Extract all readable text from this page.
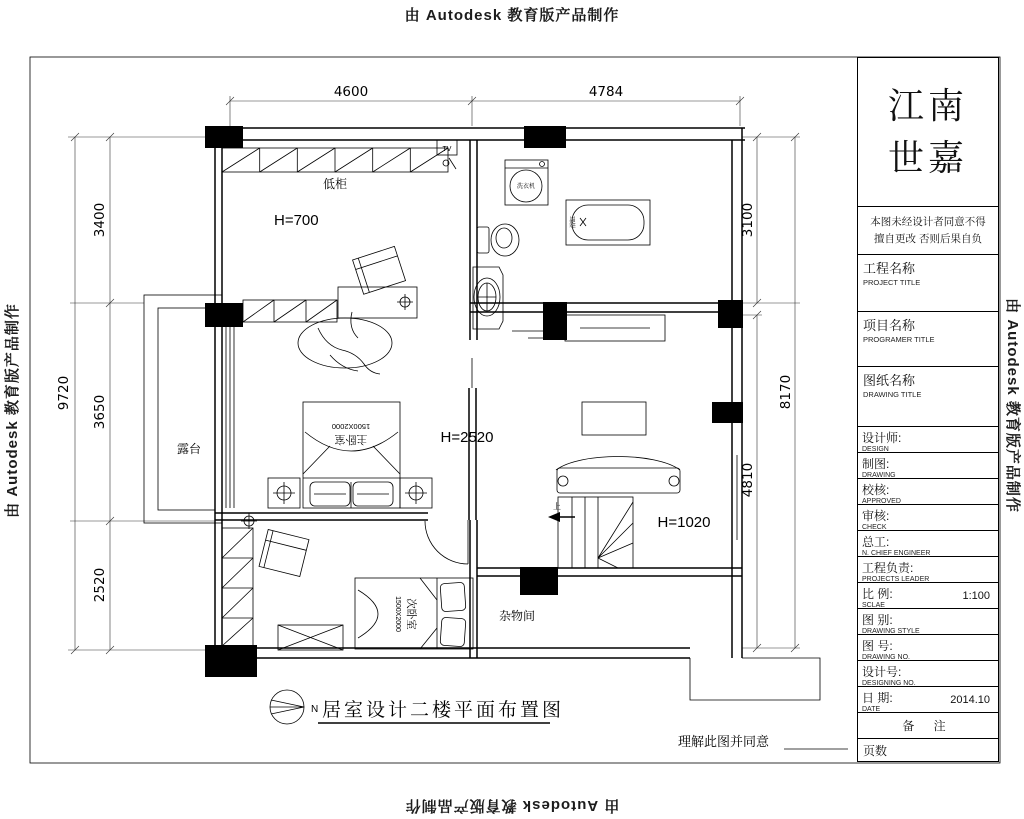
由 Autodesk 教育版产品制作
由 Autodesk 教育版产品制作
由 Autodesk 教育版产品制作	由 Autodesk 教育版产品制作
4600	4784
9720
3400
3650
2520
3100
4810
8170
露台
低柜
H=700
TV
洗衣机
浴缸
主卧室
1500X2000
H=2520
次卧室
1500X2000
上
H=1020
杂物间
N 居室设计二楼平面布置图
理解此图并同意
江南
世嘉
本图未经设计者同意不得
擅自更改 否则后果自负
工程名称
PROJECT TITLE
项目名称
PROGRAMER TITLE
图纸名称
DRAWING TITLE
设计师:
DESIGN
制图:
DRAWING
校核:
APPROVED
审核:
CHECK
总工:
N. CHIEF ENGINEER
工程负责:
PROJECTS LEADER
比 例:
SCLAE
1:100
图 别:
DRAWING STYLE
图 号:
DRAWING NO.
设计号:
DESIGNING NO.
日 期:
DATE
2014.10
备 注
页数
